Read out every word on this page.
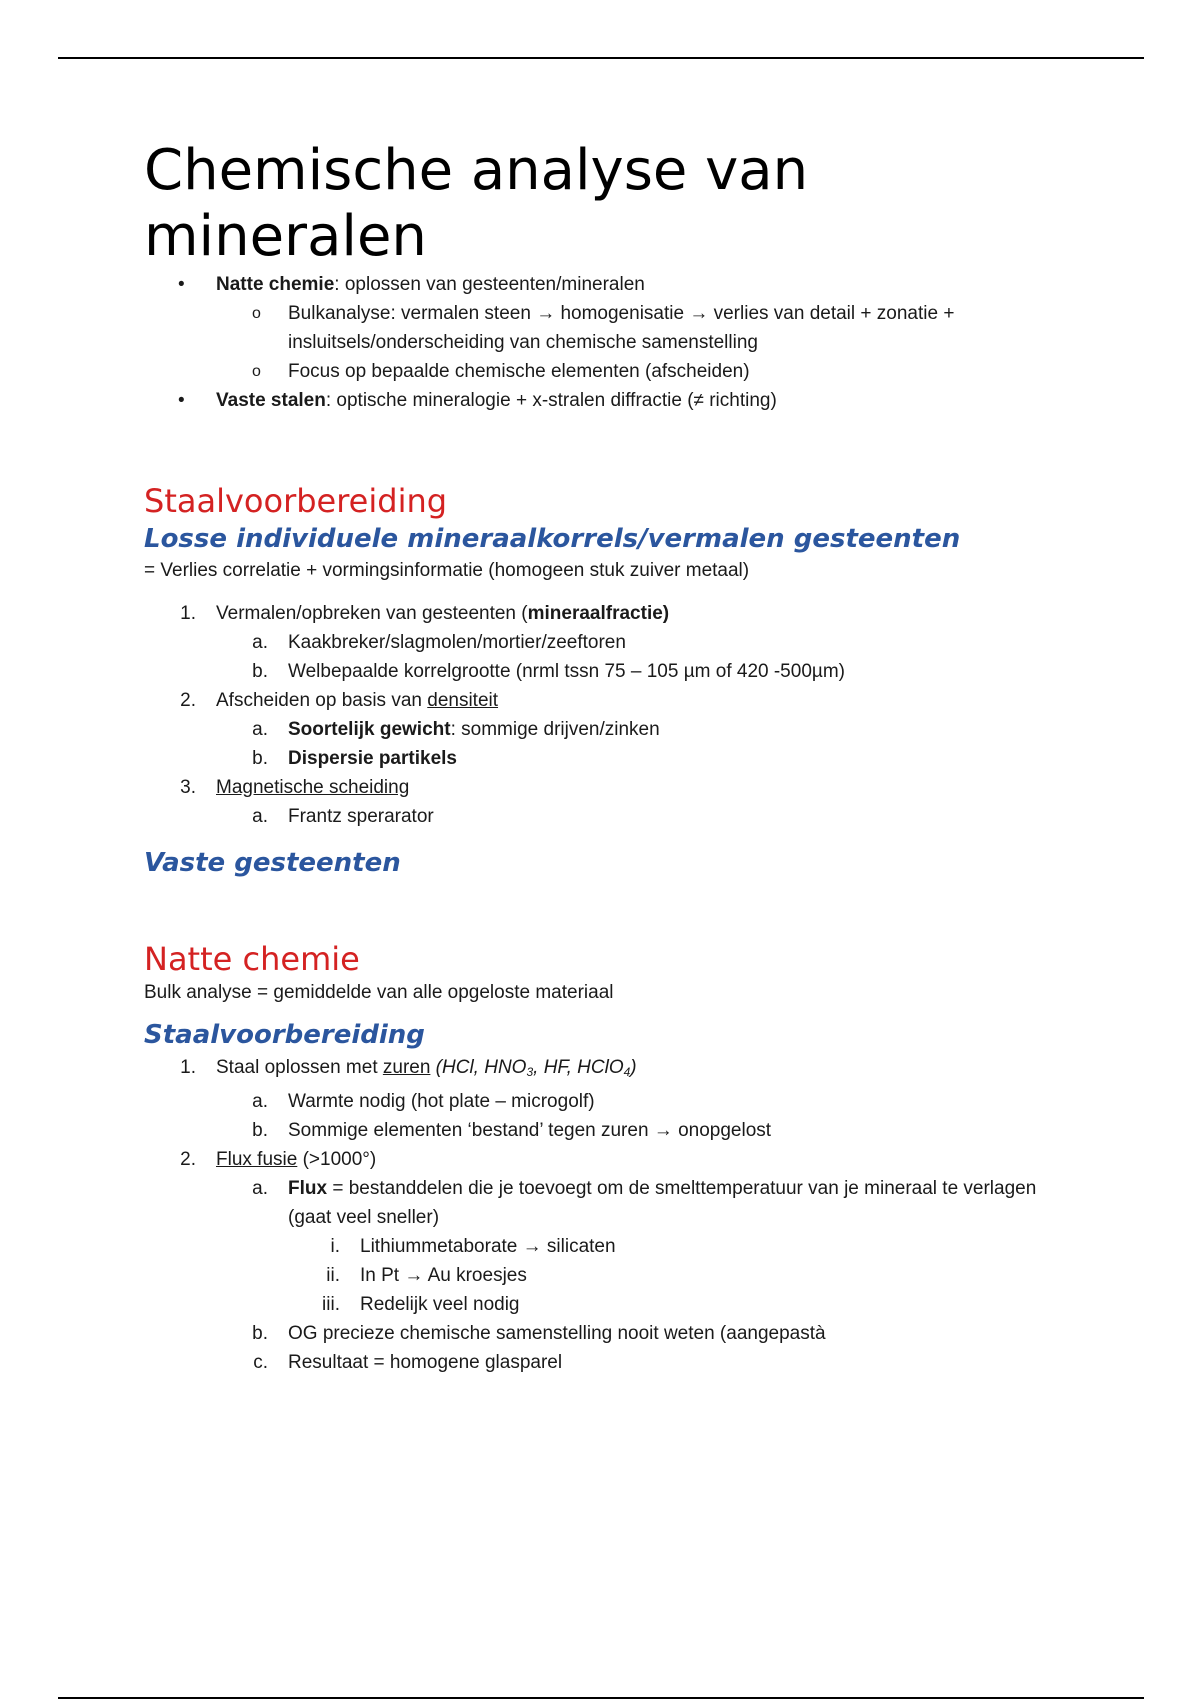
Chemische analyse van mineralen
• Natte chemie: oplossen van gesteenten/mineralen
o Bulkanalyse: vermalen steen → homogenisatie → verlies van detail + zonatie + insluitsels/onderscheiding van chemische samenstelling
o Focus op bepaalde chemische elementen (afscheiden)
• Vaste stalen: optische mineralogie + x-stralen diffractie (≠ richting)
Staalvoorbereiding
Losse individuele mineraalkorrels/vermalen gesteenten

= Verlies correlatie + vormingsinformatie (homogeen stuk zuiver metaal)

1. Vermalen/opbreken van gesteenten (mineraalfractie)
a. Kaakbreker/slagmolen/mortier/zeeftoren
b. Welbepaalde korrelgrootte (nrml tssn 75 – 105 µm of 420 -500µm)
2. Afscheiden op basis van densiteit
a. Soortelijk gewicht: sommige drijven/zinken
b. Dispersie partikels
3. Magnetische scheiding
a. Frantz sperarator
Vaste gesteenten
Natte chemie

Bulk analyse = gemiddelde van alle opgeloste materiaal

Staalvoorbereiding
1. Staal oplossen met zuren (HCl, $HNO_3$, HF, HClO$_4$)
a. Warmte nodig (hot plate – microgolf)
b. Sommige elementen ‘bestand’ tegen zuren → onopgelost
2. Flux fusie (>1000°)
a. Flux = bestanddelen die je toevoegt om de smelttemperatuur van je mineraal te verlagen (gaat veel sneller)
i. Lithiummetaborate → silicaten
ii. In Pt → Au kroesjes
iii. Redelijk veel nodig
b. OG precieze chemische samenstelling nooit weten (aangepastà
c. Resultaat = homogene glasparel
